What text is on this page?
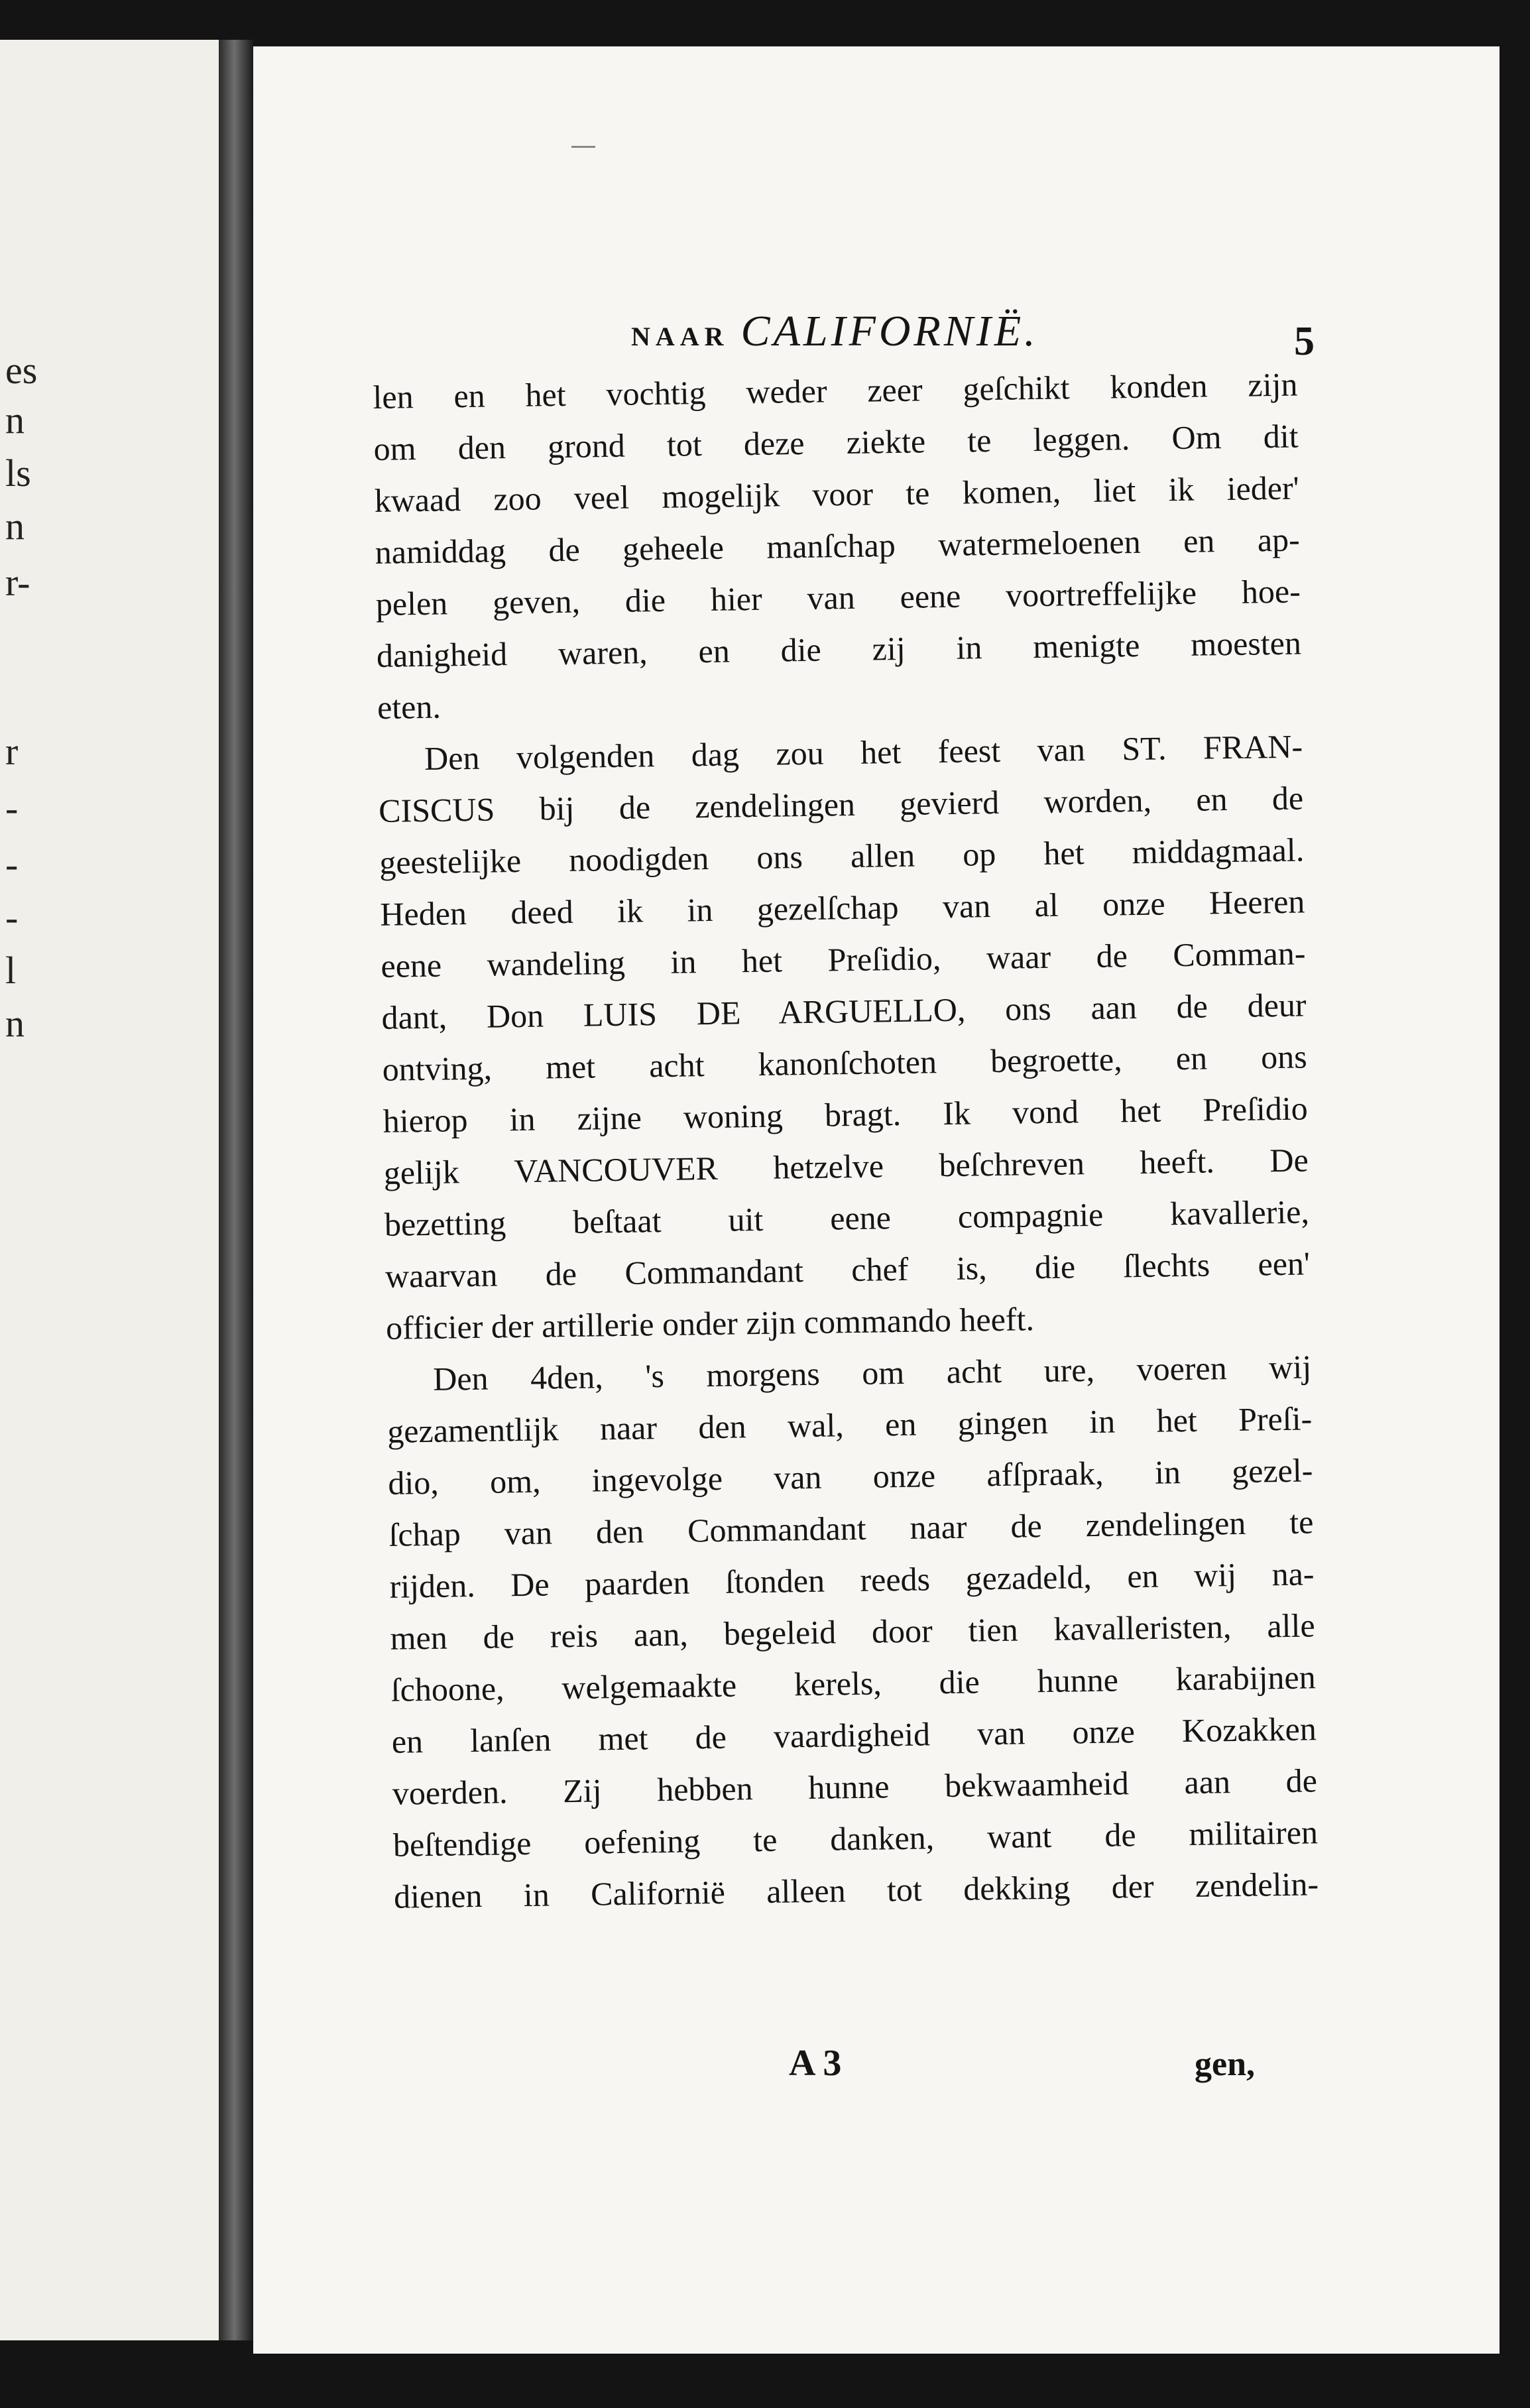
es
n
ls
n
r-
r
-
-
-
l
n
NAAR CALIFORNIË.	5
len en het vochtig weder zeer geſchikt konden zijn
om den grond tot deze ziekte te leggen. Om dit
kwaad zoo veel mogelijk voor te komen, liet ik ieder'
namiddag de geheele manſchap watermeloenen en ap-
pelen geven, die hier van eene voortreffelijke hoe-
danigheid waren, en die zij in menigte moesten
eten.
Den volgenden dag zou het feest van ST. FRAN-
CISCUS bij de zendelingen gevierd worden, en de
geestelijke noodigden ons allen op het middagmaal.
Heden deed ik in gezelſchap van al onze Heeren
eene wandeling in het Preſidio, waar de Comman-
dant, Don LUIS DE ARGUELLO, ons aan de deur
ontving, met acht kanonſchoten begroette, en ons
hierop in zijne woning bragt. Ik vond het Preſidio
gelijk VANCOUVER hetzelve beſchreven heeft. De
bezetting beſtaat uit eene compagnie kavallerie,
waarvan de Commandant chef is, die ſlechts een'
officier der artillerie onder zijn commando heeft.
Den 4den, 's morgens om acht ure, voeren wij
gezamentlijk naar den wal, en gingen in het Preſi-
dio, om, ingevolge van onze afſpraak, in gezel-
ſchap van den Commandant naar de zendelingen te
rijden. De paarden ſtonden reeds gezadeld, en wij na-
men de reis aan, begeleid door tien kavalleristen, alle
ſchoone, welgemaakte kerels, die hunne karabijnen
en lanſen met de vaardigheid van onze Kozakken
voerden. Zij hebben hunne bekwaamheid aan de
beſtendige oefening te danken, want de militairen
dienen in Californië alleen tot dekking der zendelin-
A 3	gen,
